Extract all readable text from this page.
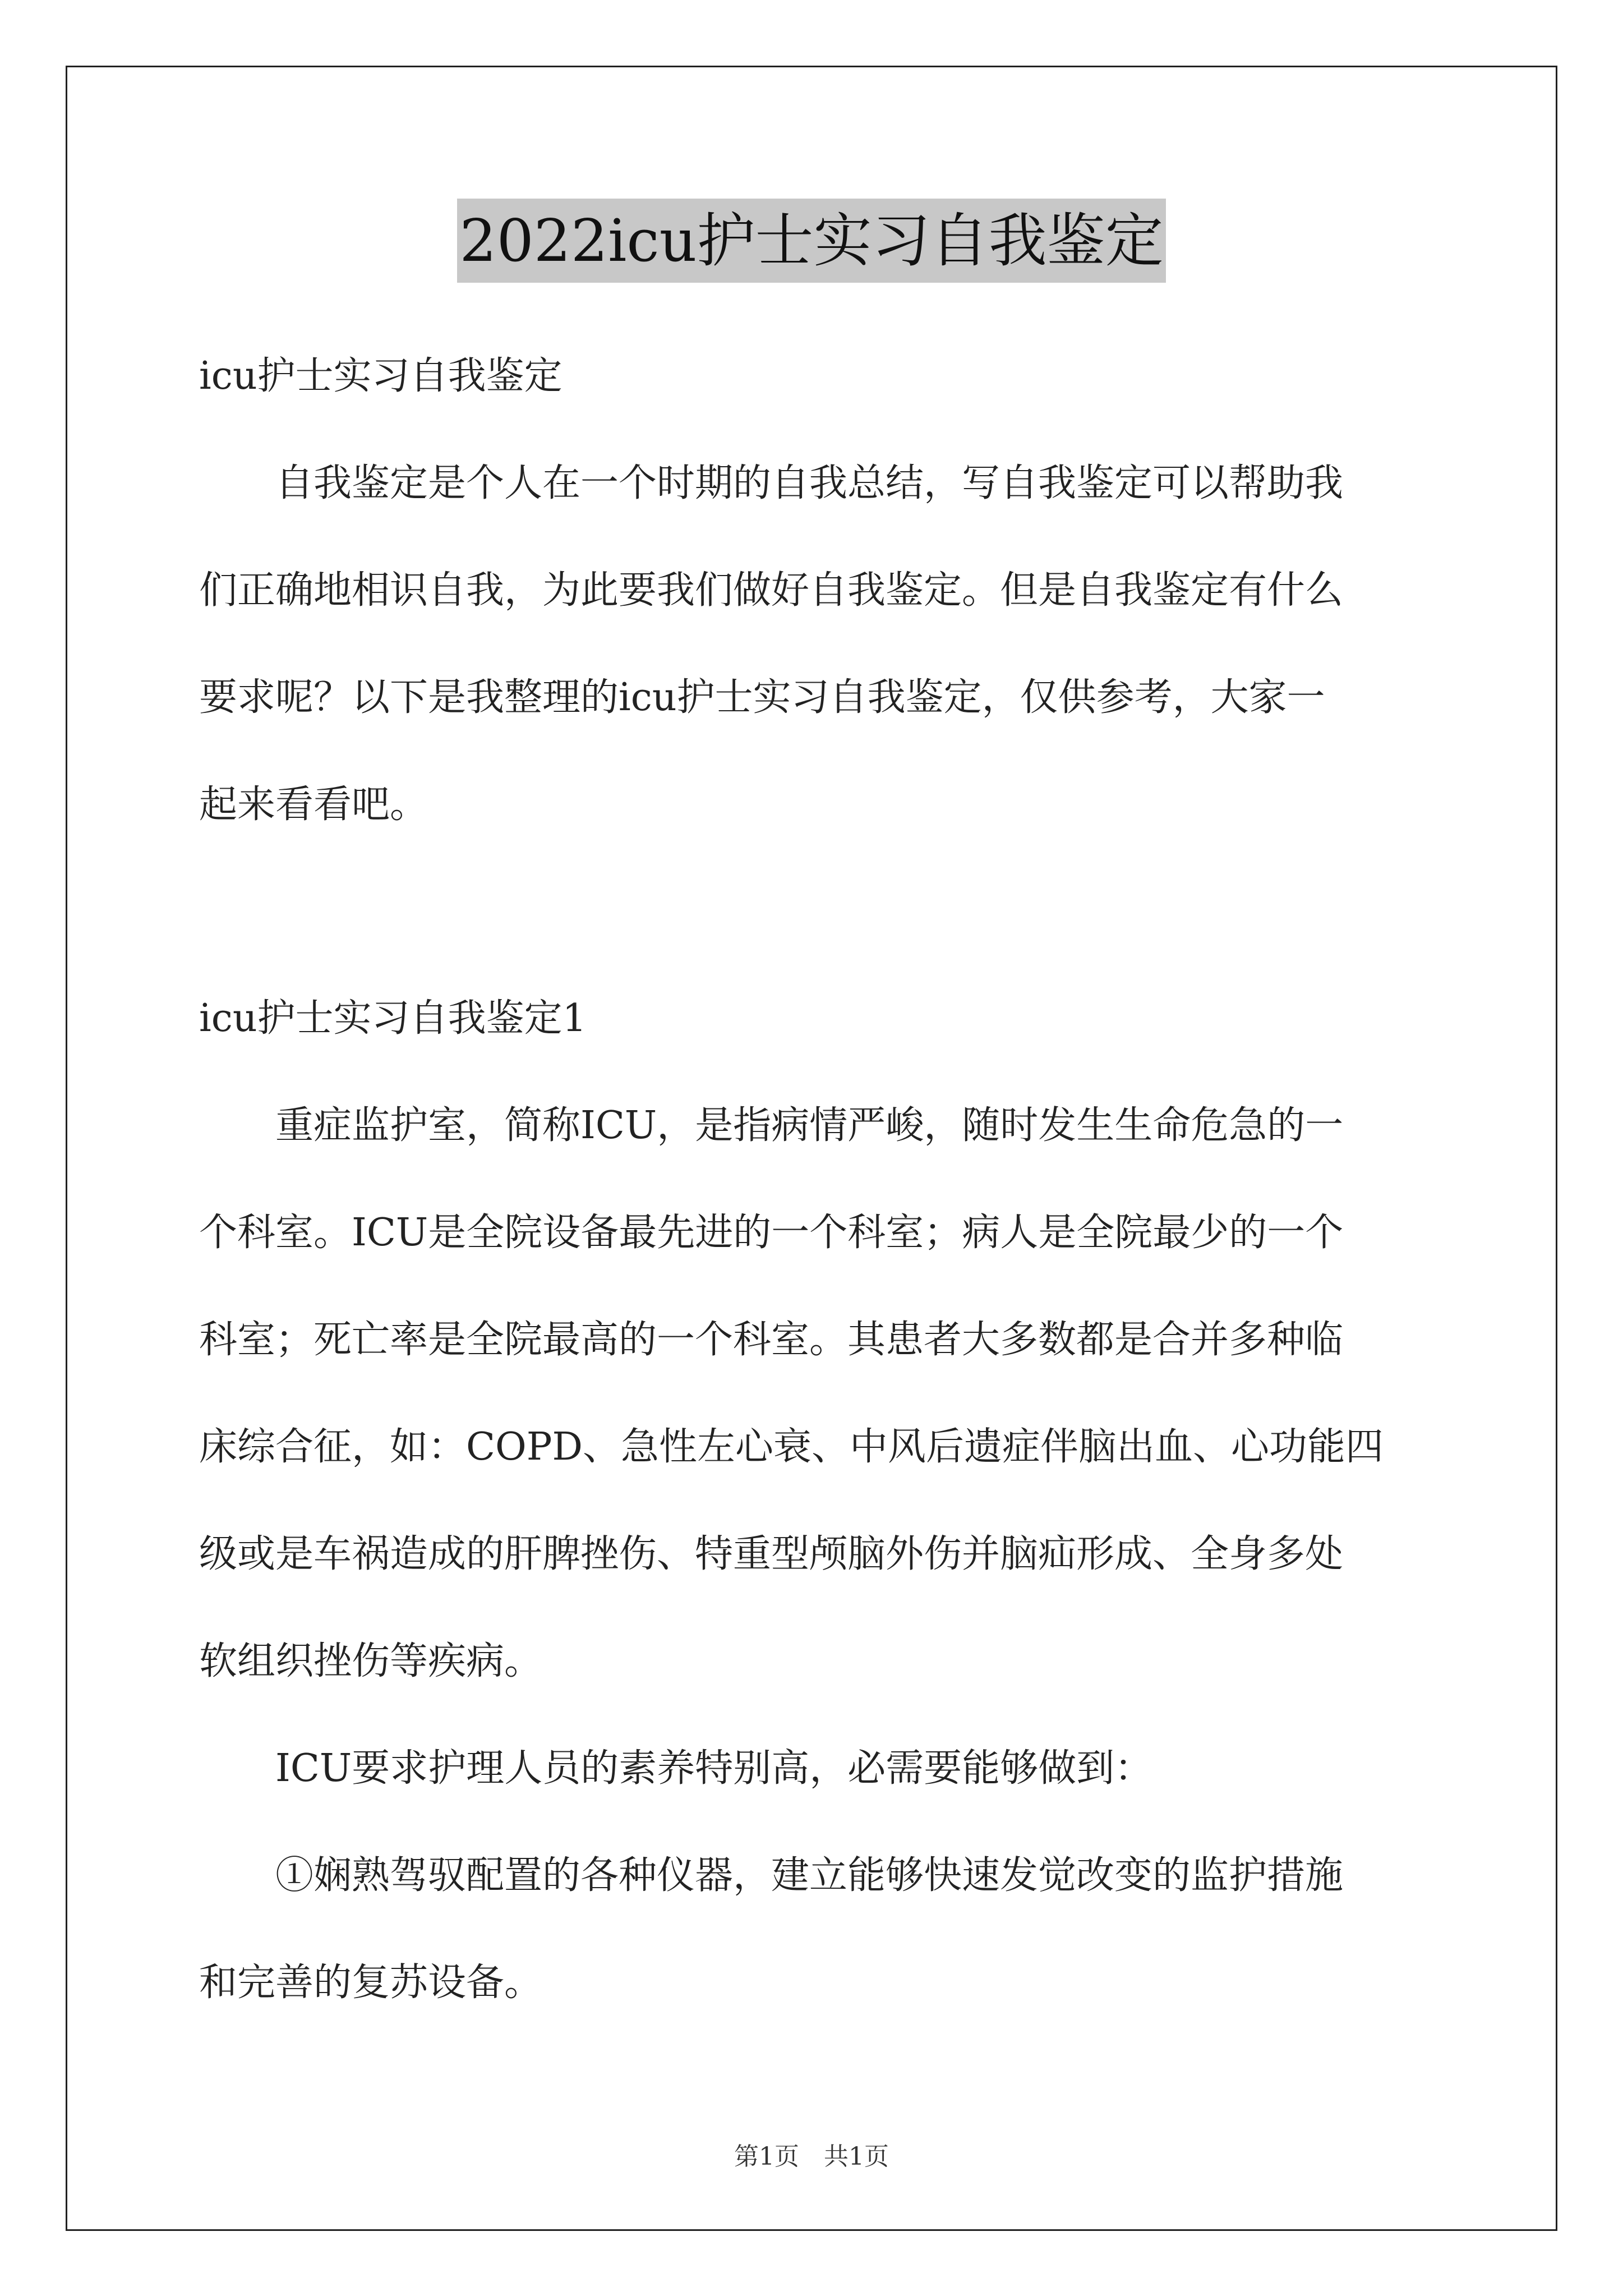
2022icu护士实习自我鉴定

icu护士实习自我鉴定

　　自我鉴定是个人在一个时期的自我总结，写自我鉴定可以帮助我

们正确地相识自我，为此要我们做好自我鉴定。但是自我鉴定有什么

要求呢？以下是我整理的icu护士实习自我鉴定，仅供参考，大家一

起来看看吧。

icu护士实习自我鉴定1

　　重症监护室，简称ICU，是指病情严峻，随时发生生命危急的一

个科室。ICU是全院设备最先进的一个科室；病人是全院最少的一个

科室；死亡率是全院最高的一个科室。其患者大多数都是合并多种临

床综合征，如：COPD、急性左心衰、中风后遗症伴脑出血、心功能四

级或是车祸造成的肝脾挫伤、特重型颅脑外伤并脑疝形成、全身多处

软组织挫伤等疾病。

　　ICU要求护理人员的素养特别高，必需要能够做到：

　　①娴熟驾驭配置的各种仪器，建立能够快速发觉改变的监护措施

和完善的复苏设备。

第1页　共1页
